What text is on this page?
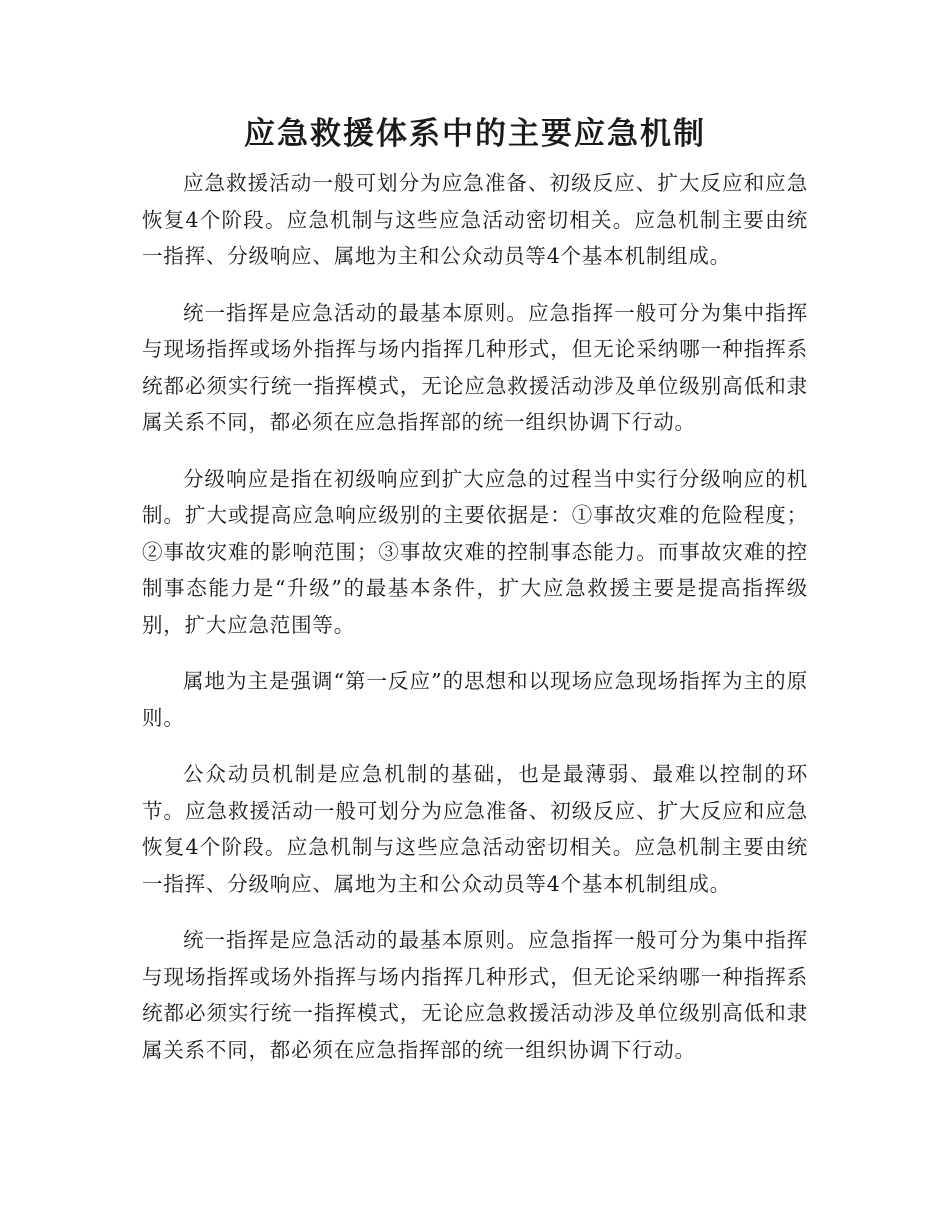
应急救援体系中的主要应急机制

应急救援活动一般可划分为应急准备、初级反应、扩大反应和应急恢复4个阶段。应急机制与这些应急活动密切相关。应急机制主要由统一指挥、分级响应、属地为主和公众动员等4个基本机制组成。

统一指挥是应急活动的最基本原则。应急指挥一般可分为集中指挥与现场指挥或场外指挥与场内指挥几种形式，但无论采纳哪一种指挥系统都必须实行统一指挥模式，无论应急救援活动涉及单位级别高低和隶属关系不同，都必须在应急指挥部的统一组织协调下行动。

分级响应是指在初级响应到扩大应急的过程当中实行分级响应的机制。扩大或提高应急响应级别的主要依据是：①事故灾难的危险程度；②事故灾难的影响范围；③事故灾难的控制事态能力。而事故灾难的控制事态能力是“升级”的最基本条件，扩大应急救援主要是提高指挥级别，扩大应急范围等。

属地为主是强调“第一反应”的思想和以现场应急现场指挥为主的原则。

公众动员机制是应急机制的基础，也是最薄弱、最难以控制的环节。应急救援活动一般可划分为应急准备、初级反应、扩大反应和应急恢复4个阶段。应急机制与这些应急活动密切相关。应急机制主要由统一指挥、分级响应、属地为主和公众动员等4个基本机制组成。

统一指挥是应急活动的最基本原则。应急指挥一般可分为集中指挥与现场指挥或场外指挥与场内指挥几种形式，但无论采纳哪一种指挥系统都必须实行统一指挥模式，无论应急救援活动涉及单位级别高低和隶属关系不同，都必须在应急指挥部的统一组织协调下行动。
